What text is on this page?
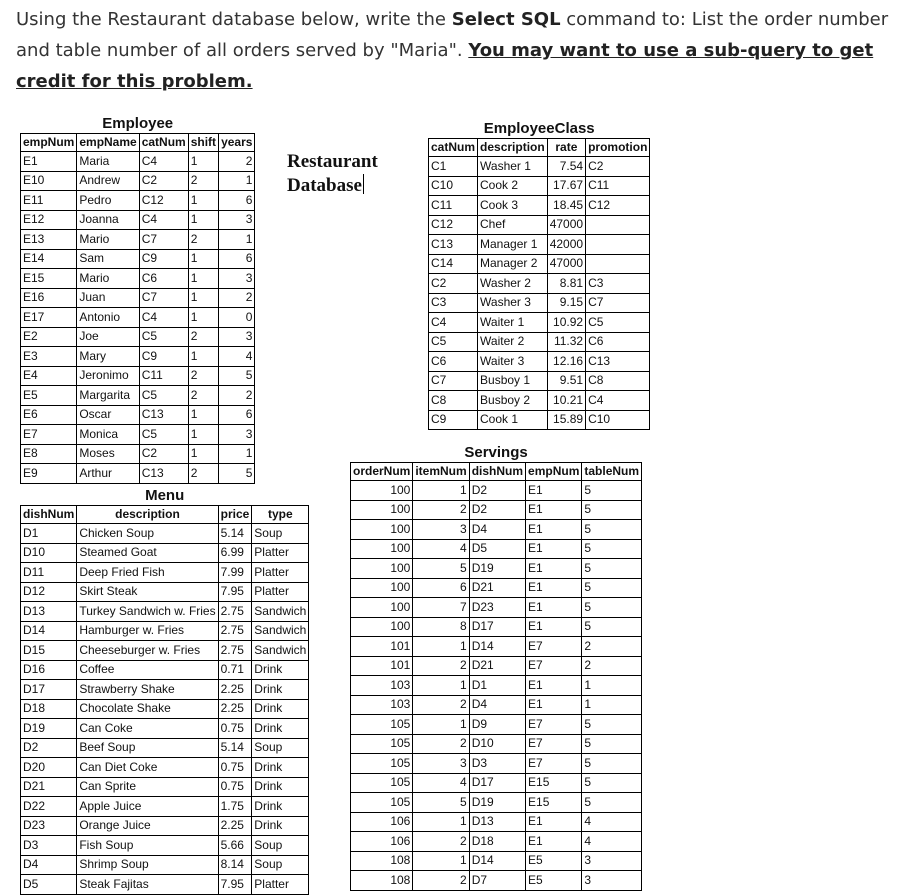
Using the Restaurant database below, write the Select SQL command to: List the order number and table number of all orders served by "Maria". You may want to use a sub-query to get credit for this problem.
Restaurant
Database
Employee
empNum	empName	catNum	shift	years
E1	Maria	C4	1	2
E10	Andrew	C2	2	1
E11	Pedro	C12	1	6
E12	Joanna	C4	1	3
E13	Mario	C7	2	1
E14	Sam	C9	1	6
E15	Mario	C6	1	3
E16	Juan	C7	1	2
E17	Antonio	C4	1	0
E2	Joe	C5	2	3
E3	Mary	C9	1	4
E4	Jeronimo	C11	2	5
E5	Margarita	C5	2	2
E6	Oscar	C13	1	6
E7	Monica	C5	1	3
E8	Moses	C2	1	1
E9	Arthur	C13	2	5
EmployeeClass
catNum	description	rate	promotion
C1	Washer 1	7.54	C2
C10	Cook 2	17.67	C11
C11	Cook 3	18.45	C12
C12	Chef	47000	
C13	Manager 1	42000	
C14	Manager 2	47000	
C2	Washer 2	8.81	C3
C3	Washer 3	9.15	C7
C4	Waiter 1	10.92	C5
C5	Waiter 2	11.32	C6
C6	Waiter 3	12.16	C13
C7	Busboy 1	9.51	C8
C8	Busboy 2	10.21	C4
C9	Cook 1	15.89	C10
Menu
dishNum	description	price	type
D1	Chicken Soup	5.14	Soup
D10	Steamed Goat	6.99	Platter
D11	Deep Fried Fish	7.99	Platter
D12	Skirt Steak	7.95	Platter
D13	Turkey Sandwich w. Fries	2.75	Sandwich
D14	Hamburger w. Fries	2.75	Sandwich
D15	Cheeseburger w. Fries	2.75	Sandwich
D16	Coffee	0.71	Drink
D17	Strawberry Shake	2.25	Drink
D18	Chocolate Shake	2.25	Drink
D19	Can Coke	0.75	Drink
D2	Beef Soup	5.14	Soup
D20	Can Diet Coke	0.75	Drink
D21	Can Sprite	0.75	Drink
D22	Apple Juice	1.75	Drink
D23	Orange Juice	2.25	Drink
D3	Fish Soup	5.66	Soup
D4	Shrimp Soup	8.14	Soup
D5	Steak Fajitas	7.95	Platter
Servings
orderNum	itemNum	dishNum	empNum	tableNum
100	1	D2	E1	5
100	2	D2	E1	5
100	3	D4	E1	5
100	4	D5	E1	5
100	5	D19	E1	5
100	6	D21	E1	5
100	7	D23	E1	5
100	8	D17	E1	5
101	1	D14	E7	2
101	2	D21	E7	2
103	1	D1	E1	1
103	2	D4	E1	1
105	1	D9	E7	5
105	2	D10	E7	5
105	3	D3	E7	5
105	4	D17	E15	5
105	5	D19	E15	5
106	1	D13	E1	4
106	2	D18	E1	4
108	1	D14	E5	3
108	2	D7	E5	3
